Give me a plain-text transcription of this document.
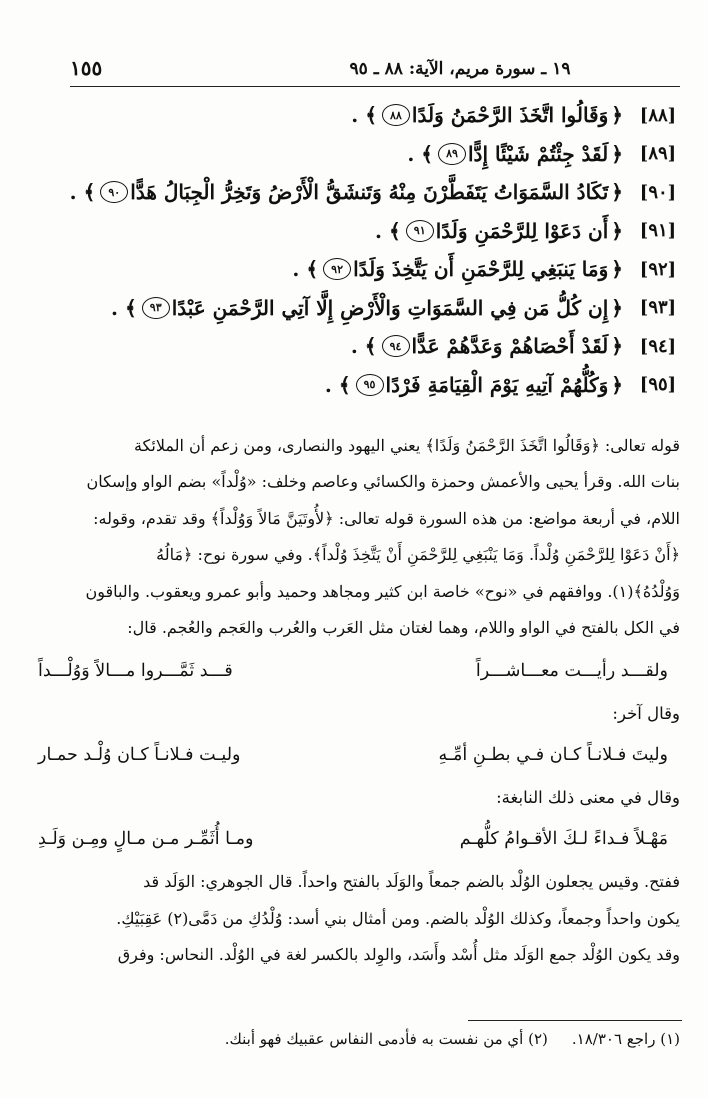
١٩ ـ سورة مريم، الآية: ٨٨ ـ ٩٥
١٥٥
[٨٨]
﴿
وَقَالُوا اتَّخَذَ الرَّحْمَنُ وَلَدًا
٨٨
﴾ .
[٨٩]
﴿
لَقَدْ جِئْتُمْ شَيْئًا إِدًّا
٨٩
﴾ .
[٩٠]
﴿
تَكَادُ السَّمَوَاتُ يَتَفَطَّرْنَ مِنْهُ وَتَنشَقُّ الْأَرْضُ وَتَخِرُّ الْجِبَالُ هَدًّا
٩٠
﴾ .
[٩١]
﴿
أَن دَعَوْا لِلرَّحْمَنِ وَلَدًا
٩١
﴾ .
[٩٢]
﴿
وَمَا يَنبَغِي لِلرَّحْمَنِ أَن يَتَّخِذَ وَلَدًا
٩٢
﴾ .
[٩٣]
﴿
إِن كُلُّ مَن فِي السَّمَوَاتِ وَالْأَرْضِ إِلَّا آتِي الرَّحْمَنِ عَبْدًا
٩٣
﴾ .
[٩٤]
﴿
لَقَدْ أَحْصَاهُمْ وَعَدَّهُمْ عَدًّا
٩٤
﴾ .
[٩٥]
﴿
وَكُلُّهُمْ آتِيهِ يَوْمَ الْقِيَامَةِ فَرْدًا
٩٥
﴾ .
قوله تعالى: ﴿وَقَالُوا اتَّخَذَ الرَّحْمَنُ وَلَدًا﴾ يعني اليهود والنصارى، ومن زعم أن الملائكة
بنات الله. وقرأ يحيى والأعمش وحمزة والكسائي وعاصم وخلف: «وُلْداً» بضم الواو وإسكان
اللام، في أربعة مواضع: من هذه السورة قوله تعالى: ﴿لأُوتَيَنَّ مَالاً وَوُلْداً﴾ وقد تقدم، وقوله:
﴿أَنْ دَعَوْا لِلرَّحْمَنِ وُلْداً. وَمَا يَنْبَغِي لِلرَّحْمَنِ أَنْ يَتَّخِذَ وُلْداً﴾. وفي سورة نوح: ﴿مَالُهُ
وَوُلْدُهُ﴾(١). ووافقهم في «نوح» خاصة ابن كثير ومجاهد وحميد وأبو عمرو ويعقوب. والباقون
في الكل بالفتح في الواو واللام، وهما لغتان مثل العَرب والعُرب والعَجم والعُجم. قال:
ولقـــد رأيـــت معـــاشـــراً
قـــد ثَمَّـــروا مـــالاً وَوُلْـــداً
وقال آخر:
وليتَ فـلانـاً كـان فـي بطـنِ أمِّـهِ
وليـت فـلانـاً كـان وُلْـد حمـار
وقال في معنى ذلك النابغة:
مَهْـلاً فـداءً لـكَ الأقـوامُ كلُّهـم
ومـا أُثَمِّـر مـن مـالٍ ومِـن وَلَـدِ
ففتح. وقيس يجعلون الوُلْد بالضم جمعاً والوَلَد بالفتح واحداً. قال الجوهري: الوَلَد قد
يكون واحداً وجمعاً، وكذلك الوُلْد بالضم. ومن أمثال بني أسد: وُلْدُكِ من دَمَّى(٢) عَقِبَيْكِ.
وقد يكون الوُلْد جمع الوَلَد مثل أُسْد وأَسَد، والوِلد بالكسر لغة في الوُلْد. النحاس: وفرق
(١) راجع ١٨/٣٠٦.
(٢) أي من نفست به فأدمى النفاس عقبيك فهو أبنك.
